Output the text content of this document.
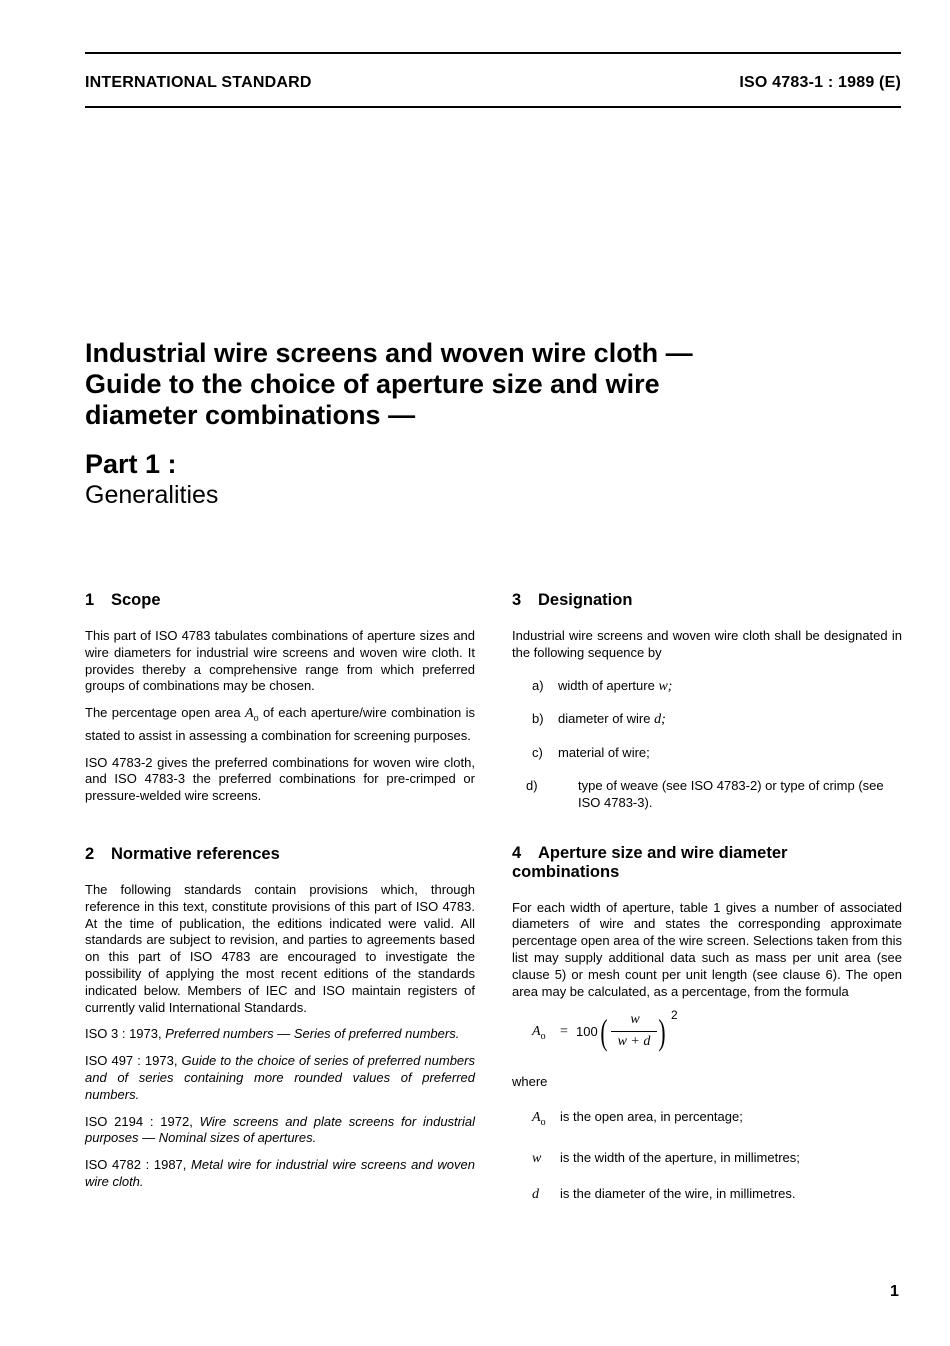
INTERNATIONAL STANDARD	ISO 4783-1 : 1989 (E)
Industrial wire screens and woven wire cloth —
Guide to the choice of aperture size and wire
diameter combinations —
Part 1 :
Generalities
1 Scope

This part of ISO 4783 tabulates combinations of aperture sizes and wire diameters for industrial wire screens and woven wire cloth. It provides thereby a comprehensive range from which preferred groups of combinations may be chosen.

The percentage open area $A_o$ of each aperture/wire combination is stated to assist in assessing a combination for screening purposes.

ISO 4783-2 gives the preferred combinations for woven wire cloth, and ISO 4783-3 the preferred combinations for pre-crimped or pressure-welded wire screens.

2 Normative references

The following standards contain provisions which, through reference in this text, constitute provisions of this part of ISO 4783. At the time of publication, the editions indicated were valid. All standards are subject to revision, and parties to agreements based on this part of ISO 4783 are encouraged to investigate the possibility of applying the most recent editions of the standards indicated below. Members of IEC and ISO maintain registers of currently valid International Standards.

ISO 3 : 1973, Preferred numbers — Series of preferred numbers.

ISO 497 : 1973, Guide to the choice of series of preferred numbers and of series containing more rounded values of preferred numbers.

ISO 2194 : 1972, Wire screens and plate screens for industrial purposes — Nominal sizes of apertures.

ISO 4782 : 1987, Metal wire for industrial wire screens and woven wire cloth.

3 Designation

Industrial wire screens and woven wire cloth shall be designated in the following sequence by

a) width of aperture w;
b) diameter of wire d;
c) material of wire;
d)	type of weave (see ISO 4783-2) or type of crimp (see ISO 4783-3).
4 Aperture size and wire diameter
combinations

For each width of aperture, table 1 gives a number of associated diameters of wire and states the corresponding approximate percentage open area of the wire screen. Selections taken from this list may supply additional data such as mass per unit area (see clause 5) or mesh count per unit length (see clause 6). The open area may be calculated, as a percentage, from the formula

$A_o = 100$ (	w
w + d ) 2

where

$A_o$ is the open area, in percentage;
w is the width of the aperture, in millimetres;
d is the diameter of the wire, in millimetres.
1
